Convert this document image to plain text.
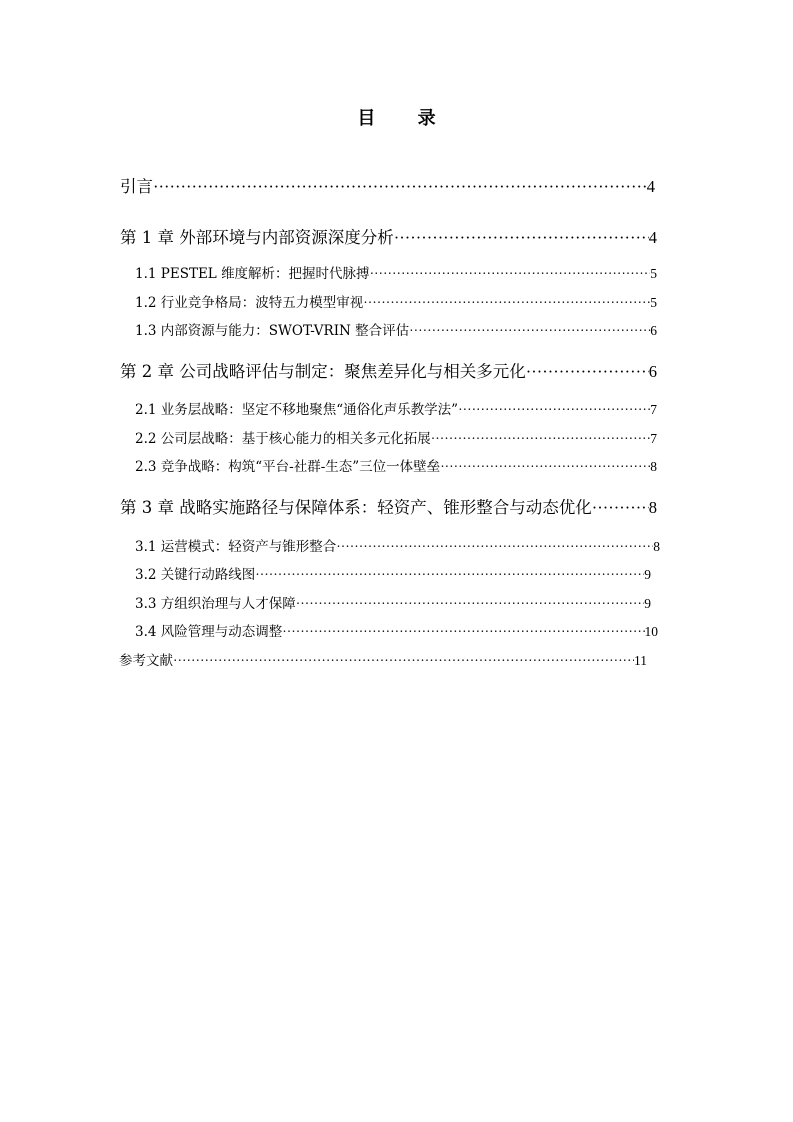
目 录
引言 ·····	4
第 1 章 外部环境与内部资源深度分析 ·····	4
1.1 PESTEL 维度解析：把握时代脉搏 ·····	5
1.2 行业竞争格局：波特五力模型审视 ·····	5
1.3 内部资源与能力：SWOT-VRIN 整合评估 ·····	6
第 2 章 公司战略评估与制定：聚焦差异化与相关多元化 ·····	6
2.1 业务层战略：坚定不移地聚焦“通俗化声乐教学法” ·····	7
2.2 公司层战略：基于核心能力的相关多元化拓展 ·····	7
2.3 竞争战略：构筑“平台-社群-生态”三位一体壁垒 ·····	8
第 3 章 战略实施路径与保障体系：轻资产、锥形整合与动态优化 ·····	8
3.1 运营模式：轻资产与锥形整合 ·····	8
3.2 关键行动路线图 ·····	9
3.3 方组织治理与人才保障 ·····	9
3.4 风险管理与动态调整 ·····	10
参考文献 ·····	11
